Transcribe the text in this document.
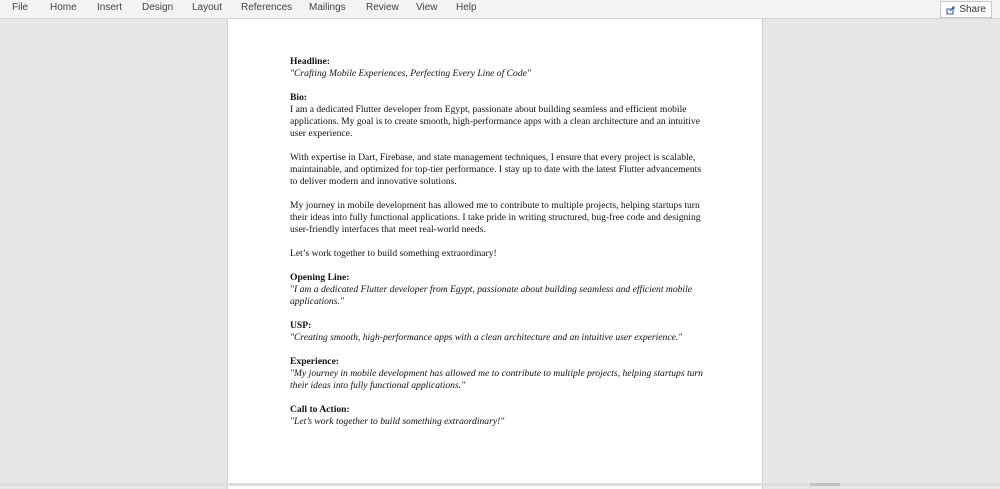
File Home Insert Design Layout References Mailings Review View Help	Share

Headline:

"Crafting Mobile Experiences, Perfecting Every Line of Code"

Bio:

I am a dedicated Flutter developer from Egypt, passionate about building seamless and efficient mobile applications. My goal is to create smooth, high-performance apps with a clean architecture and an intuitive user experience.

With expertise in Dart, Firebase, and state management techniques, I ensure that every project is scalable, maintainable, and optimized for top-tier performance. I stay up to date with the latest Flutter advancements to deliver modern and innovative solutions.

My journey in mobile development has allowed me to contribute to multiple projects, helping startups turn their ideas into fully functional applications. I take pride in writing structured, bug-free code and designing user-friendly interfaces that meet real-world needs.

Let’s work together to build something extraordinary!

Opening Line:

"I am a dedicated Flutter developer from Egypt, passionate about building seamless and efficient mobile applications."

USP:

"Creating smooth, high-performance apps with a clean architecture and an intuitive user experience."

Experience:

"My journey in mobile development has allowed me to contribute to multiple projects, helping startups turn their ideas into fully functional applications."

Call to Action:

"Let’s work together to build something extraordinary!"
